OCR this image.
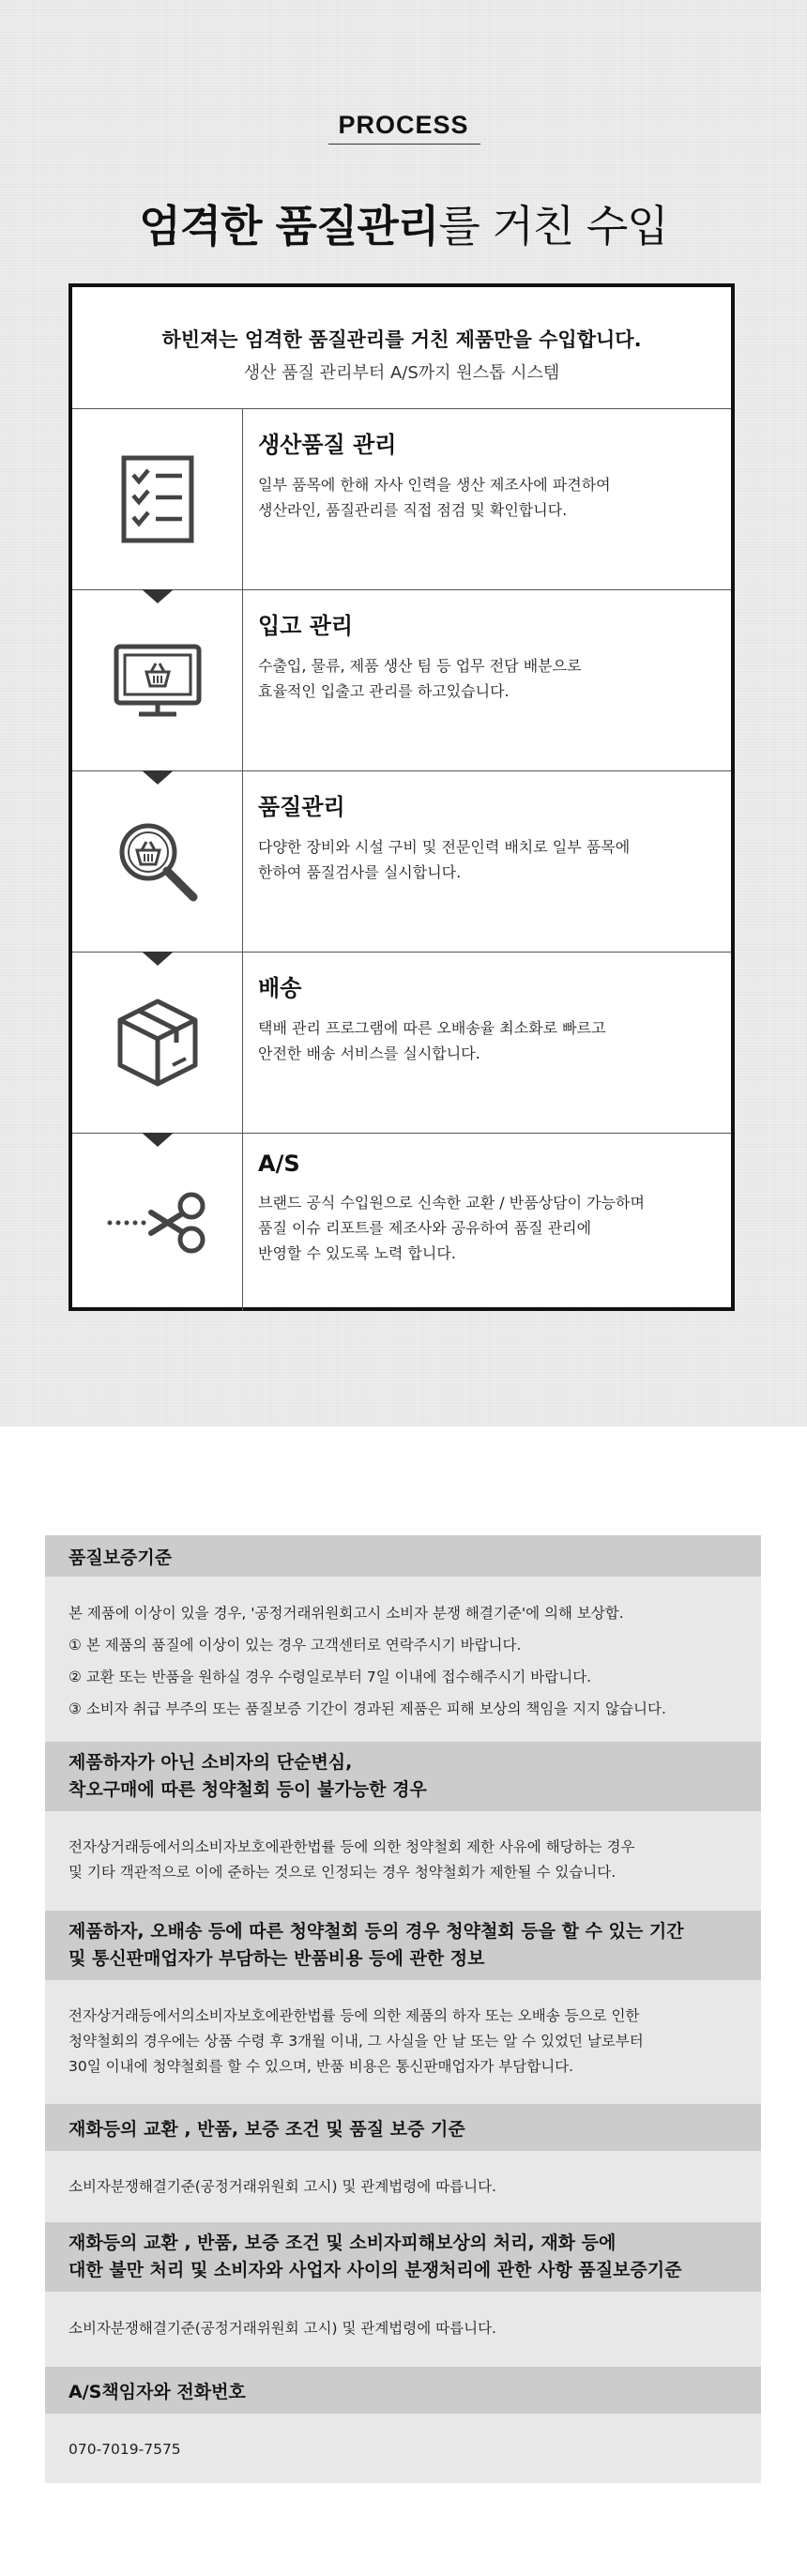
PROCESS
엄격한 품질관리를 거친 수입
하빈져는 엄격한 품질관리를 거친 제품만을 수입합니다.
생산 품질 관리부터 A/S까지 원스톱 시스템
생산품질 관리
일부 품목에 한해 자사 인력을 생산 제조사에 파견하여
생산라인, 품질관리를 직접 점검 및 확인합니다.
입고 관리
수출입, 물류, 제품 생산 팀 등 업무 전담 배분으로
효율적인 입출고 관리를 하고있습니다.
품질관리
다양한 장비와 시설 구비 및 전문인력 배치로 일부 품목에
한하여 품질검사를 실시합니다.
배송
택배 관리 프로그램에 따른 오배송율 최소화로 빠르고
안전한 배송 서비스를 실시합니다.
A/S
브랜드 공식 수입원으로 신속한 교환 / 반품상담이 가능하며
품질 이슈 리포트를 제조사와 공유하여 품질 관리에
반영할 수 있도록 노력 합니다.
품질보증기준
본 제품에 이상이 있을 경우, '공정거래위원회고시 소비자 분쟁 해결기준'에 의해 보상합.
① 본 제품의 품질에 이상이 있는 경우 고객센터로 연락주시기 바랍니다.
② 교환 또는 반품을 원하실 경우 수령일로부터 7일 이내에 접수해주시기 바랍니다.
③ 소비자 취급 부주의 또는 품질보증 기간이 경과된 제품은 피해 보상의 책임을 지지 않습니다.
제품하자가 아닌 소비자의 단순변심,
착오구매에 따른 청약철회 등이 불가능한 경우
전자상거래등에서의소비자보호에관한법률 등에 의한 청약철회 제한 사유에 해당하는 경우
및 기타 객관적으로 이에 준하는 것으로 인정되는 경우 청약철회가 제한될 수 있습니다.
제품하자, 오배송 등에 따른 청약철회 등의 경우 청약철회 등을 할 수 있는 기간
및 통신판매업자가 부담하는 반품비용 등에 관한 정보
전자상거래등에서의소비자보호에관한법률 등에 의한 제품의 하자 또는 오배송 등으로 인한
청약철회의 경우에는 상품 수령 후 3개월 이내, 그 사실을 안 날 또는 알 수 있었던 날로부터
30일 이내에 청약철회를 할 수 있으며, 반품 비용은 통신판매업자가 부담합니다.
재화등의 교환 , 반품, 보증 조건 및 품질 보증 기준
소비자분쟁해결기준(공정거래위원회 고시) 및 관계법령에 따릅니다.
재화등의 교환 , 반품, 보증 조건 및 소비자피해보상의 처리, 재화 등에
대한 불만 처리 및 소비자와 사업자 사이의 분쟁처리에 관한 사항 품질보증기준
소비자분쟁해결기준(공정거래위원회 고시) 및 관계법령에 따릅니다.
A/S책임자와 전화번호
070-7019-7575
